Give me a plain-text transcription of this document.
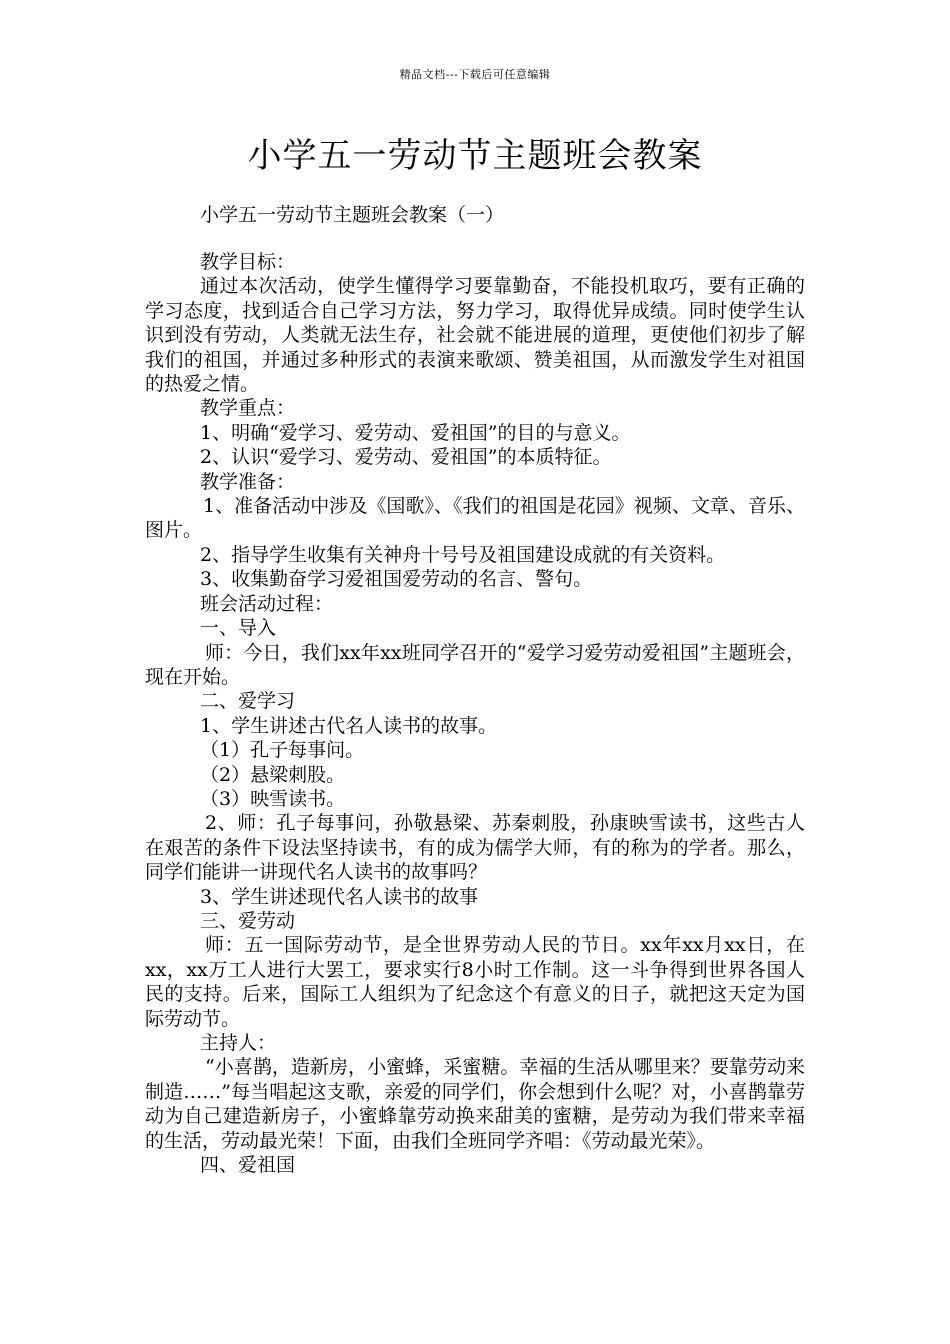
精品文档---下载后可任意编辑
小学五一劳动节主题班会教案

小学五一劳动节主题班会教案（一）

教学目标：

通过本次活动，使学生懂得学习要靠勤奋，不能投机取巧，要有正确的学习态度，找到适合自己学习方法，努力学习，取得优异成绩。同时使学生认识到没有劳动，人类就无法生存，社会就不能进展的道理，更使他们初步了解我们的祖国，并通过多种形式的表演来歌颂、赞美祖国，从而激发学生对祖国的热爱之情。

教学重点：

1、明确“爱学习、爱劳动、爱祖国”的目的与意义。

2、认识“爱学习、爱劳动、爱祖国”的本质特征。

教学准备：

1、准备活动中涉及《国歌》、《我们的祖国是花园》视频、文章、音乐、图片。

2、指导学生收集有关神舟十号号及祖国建设成就的有关资料。

3、收集勤奋学习爱祖国爱劳动的名言、警句。

班会活动过程：

一、导入

师：今日，我们xx年xx班同学召开的“爱学习爱劳动爱祖国”主题班会，现在开始。

二、爱学习

1、学生讲述古代名人读书的故事。

（1）孔子每事问。

（2）悬梁刺股。

（3）映雪读书。

2、师：孔子每事问，孙敬悬梁、苏秦刺股，孙康映雪读书，这些古人在艰苦的条件下设法坚持读书，有的成为儒学大师，有的称为的学者。那么，同学们能讲一讲现代名人读书的故事吗？

3、学生讲述现代名人读书的故事

三、爱劳动

师：五一国际劳动节，是全世界劳动人民的节日。xx年xx月xx日，在xx，xx万工人进行大罢工，要求实行8小时工作制。这一斗争得到世界各国人民的支持。后来，国际工人组织为了纪念这个有意义的日子，就把这天定为国际劳动节。

主持人：

“小喜鹊，造新房，小蜜蜂，采蜜糖。幸福的生活从哪里来？要靠劳动来制造……”每当唱起这支歌，亲爱的同学们，你会想到什么呢？对，小喜鹊靠劳动为自己建造新房子，小蜜蜂靠劳动换来甜美的蜜糖，是劳动为我们带来幸福的生活，劳动最光荣！下面，由我们全班同学齐唱：《劳动最光荣》。

四、爱祖国
